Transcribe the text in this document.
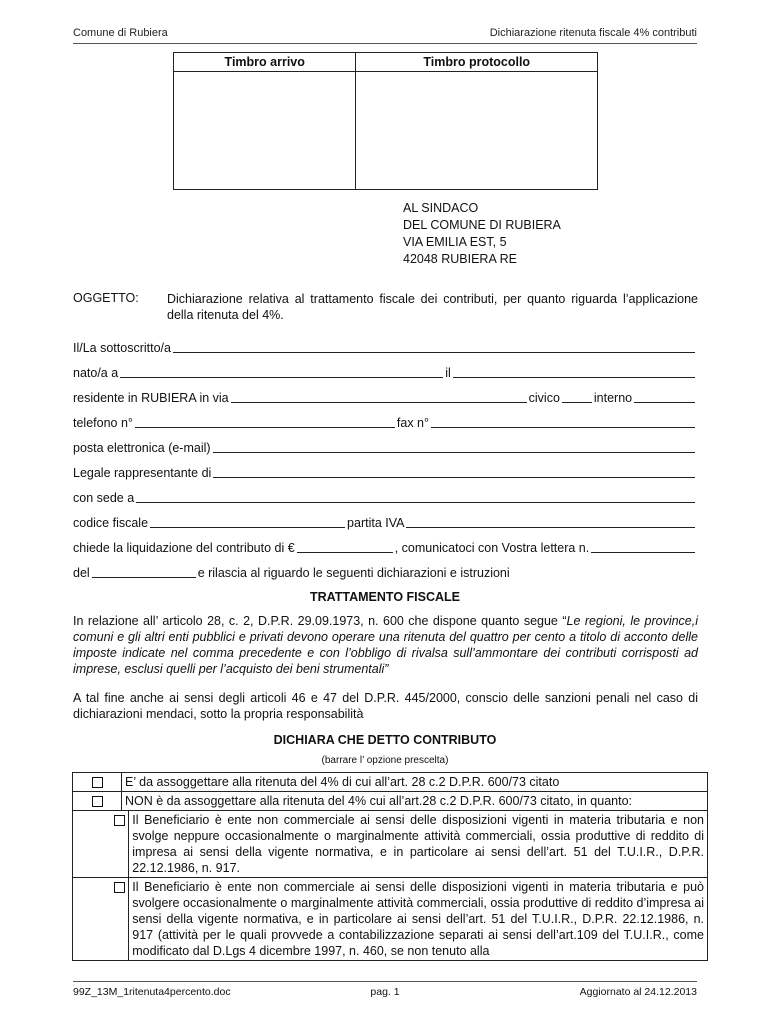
Comune di Rubiera	Dichiarazione ritenuta fiscale 4% contributi
Timbro arrivo	Timbro protocollo

AL SINDACO
DEL COMUNE DI RUBIERA
VIA EMILIA EST, 5
42048 RUBIERA RE
OGGETTO: Dichiarazione relativa al trattamento fiscale dei contributi, per quanto riguarda l’applicazione della ritenuta del 4%.
Il/La sottoscritto/a
nato/a a	il
residente in RUBIERA in via	civico	interno
telefono n°	fax n°
posta elettronica (e-mail)
Legale rappresentante di
con sede a
codice fiscale	partita IVA
chiede la liquidazione del contributo di €	, comunicatoci con Vostra lettera n.
del	e rilascia al riguardo le seguenti dichiarazioni e istruzioni
TRATTAMENTO FISCALE
In relazione all’ articolo 28, c. 2, D.P.R. 29.09.1973, n. 600 che dispone quanto segue “Le regioni, le province,i comuni e gli altri enti pubblici e privati devono operare una ritenuta del quattro per cento a titolo di acconto delle imposte indicate nel comma precedente e con l’obbligo di rivalsa sull’ammontare dei contributi corrisposti ad imprese, esclusi quelli per l’acquisto dei beni strumentali”
A tal fine anche ai sensi degli articoli 46 e 47 del D.P.R. 445/2000, conscio delle sanzioni penali nel caso di dichiarazioni mendaci, sotto la propria responsabilità
DICHIARA CHE DETTO CONTRIBUTO
(barrare l’ opzione prescelta)
	E’ da assoggettare alla ritenuta del 4% di cui all’art. 28 c.2 D.P.R. 600/73 citato	
	NON è da assoggettare alla ritenuta del 4% cui all’art.28 c.2 D.P.R. 600/73 citato, in quanto:	
		Il Beneficiario è ente non commerciale ai sensi delle disposizioni vigenti in materia tributaria e non svolge neppure occasionalmente o marginalmente attività commerciali, ossia produttive di reddito di impresa ai sensi della vigente normativa, e in particolare ai sensi dell’art. 51 del T.U.I.R., D.P.R. 22.12.1986, n. 917.
		Il Beneficiario è ente non commerciale ai sensi delle disposizioni vigenti in materia tributaria e può svolgere occasionalmente o marginalmente attività commerciali, ossia produttive di reddito d’impresa ai sensi della vigente normativa, e in particolare ai sensi dell’art. 51 del T.U.I.R., D.P.R. 22.12.1986, n. 917 (attività per le quali provvede a contabilizzazione separati ai sensi dell’art.109 del T.U.I.R., come modificato dal D.Lgs 4 dicembre 1997, n. 460, se non tenuto alla
99Z_13M_1ritenuta4percento.doc	pag. 1	Aggiornato al 24.12.2013
